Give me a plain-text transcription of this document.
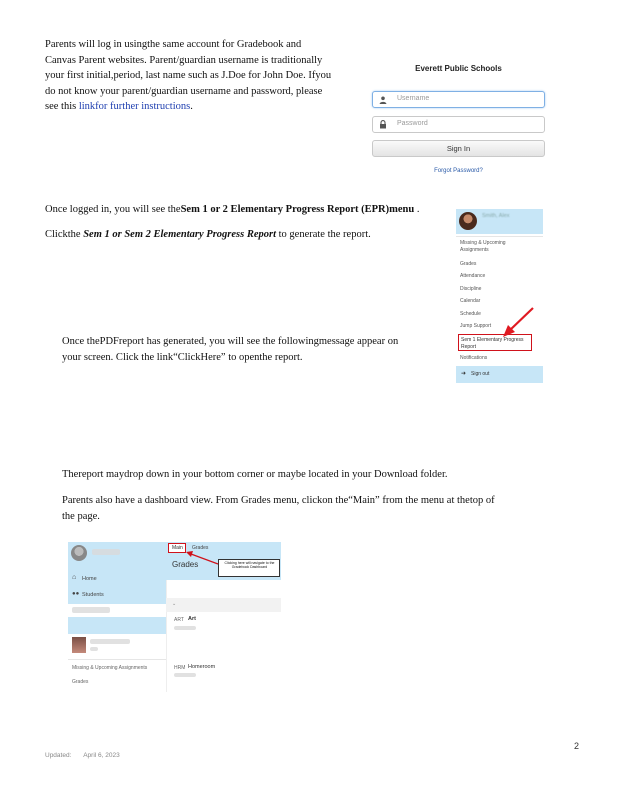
Parents will log in usingthe same account for Gradebook and
Canvas Parent websites. Parent/guardian username is traditionally
your first initial,period, last name such as J.Doe for John Doe. Ifyou
do not know your parent/guardian username and password, please
see this linkfor further instructions.
Everett Public Schools
Username
Password
Sign In
Forgot Password?
Once logged in, you will see theSem 1 or 2 Elementary Progress Report (EPR)menu .
Clickthe Sem 1 or Sem 2 Elementary Progress Report to generate the report.
Smith, Alex
Missing & Upcoming
Assignments
Grades
Attendance
Discipline
Calendar
Schedule
Jump Support
Sem 1 Elementary Progress
Report
Notifications
➜ Sign out
Once thePDFreport has generated, you will see the followingmessage appear on
your screen. Click the link“ClickHere” to openthe report.
Thereport maydrop down in your bottom corner or maybe located in your Download folder.
Parents also have a dashboard view. From Grades menu, clickon the“Main” from the menu at thetop of
the page.
⌂ Home
●● Students
Missing & Upcoming Assignments
Grades
Main Grades
Grades	Clicking here will navigate to the Gradebook Dashboard
⌄
ART Art
HRM Homeroom
2
Updated: April 6, 2023
